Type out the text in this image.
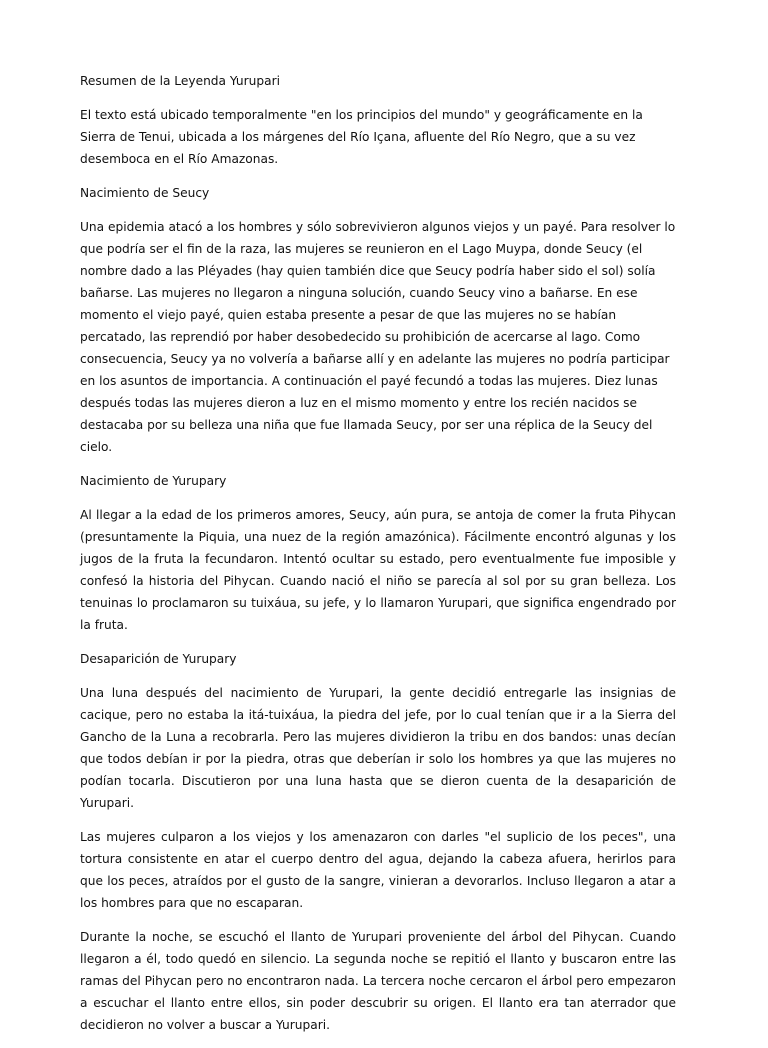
Resumen de la Leyenda Yurupari

El texto está ubicado temporalmente "en los principios del mundo" y geográficamente en la Sierra de Tenui, ubicada a los márgenes del Río Içana, afluente del Río Negro, que a su vez desemboca en el Río Amazonas.

Nacimiento de Seucy

Una epidemia atacó a los hombres y sólo sobrevivieron algunos viejos y un payé. Para resolver lo que podría ser el fin de la raza, las mujeres se reunieron en el Lago Muypa, donde Seucy (el nombre dado a las Pléyades (hay quien también dice que Seucy podría haber sido el sol) solía bañarse. Las mujeres no llegaron a ninguna solución, cuando Seucy vino a bañarse. En ese momento el viejo payé, quien estaba presente a pesar de que las mujeres no se habían percatado, las reprendió por haber desobedecido su prohibición de acercarse al lago. Como consecuencia, Seucy ya no volvería a bañarse allí y en adelante las mujeres no podría participar en los asuntos de importancia. A continuación el payé fecundó a todas las mujeres. Diez lunas después todas las mujeres dieron a luz en el mismo momento y entre los recién nacidos se destacaba por su belleza una niña que fue llamada Seucy, por ser una réplica de la Seucy del cielo.

Nacimiento de Yurupary

Al llegar a la edad de los primeros amores, Seucy, aún pura, se antoja de comer la fruta Pihycan (presuntamente la Piquia, una nuez de la región amazónica). Fácilmente encontró algunas y los jugos de la fruta la fecundaron. Intentó ocultar su estado, pero eventualmente fue imposible y confesó la historia del Pihycan. Cuando nació el niño se parecía al sol por su gran belleza. Los tenuinas lo proclamaron su tuixáua, su jefe, y lo llamaron Yurupari, que significa engendrado por la fruta.

Desaparición de Yurupary

Una luna después del nacimiento de Yurupari, la gente decidió entregarle las insignias de cacique, pero no estaba la itá-tuixáua, la piedra del jefe, por lo cual tenían que ir a la Sierra del Gancho de la Luna a recobrarla. Pero las mujeres dividieron la tribu en dos bandos: unas decían que todos debían ir por la piedra, otras que deberían ir solo los hombres ya que las mujeres no podían tocarla. Discutieron por una luna hasta que se dieron cuenta de la desaparición de Yurupari.

Las mujeres culparon a los viejos y los amenazaron con darles "el suplicio de los peces", una tortura consistente en atar el cuerpo dentro del agua, dejando la cabeza afuera, herirlos para que los peces, atraídos por el gusto de la sangre, vinieran a devorarlos. Incluso llegaron a atar a los hombres para que no escaparan.

Durante la noche, se escuchó el llanto de Yurupari proveniente del árbol del Pihycan. Cuando llegaron a él, todo quedó en silencio. La segunda noche se repitió el llanto y buscaron entre las ramas del Pihycan pero no encontraron nada. La tercera noche cercaron el árbol pero empezaron a escuchar el llanto entre ellos, sin poder descubrir su origen. El llanto era tan aterrador que decidieron no volver a buscar a Yurupari.
